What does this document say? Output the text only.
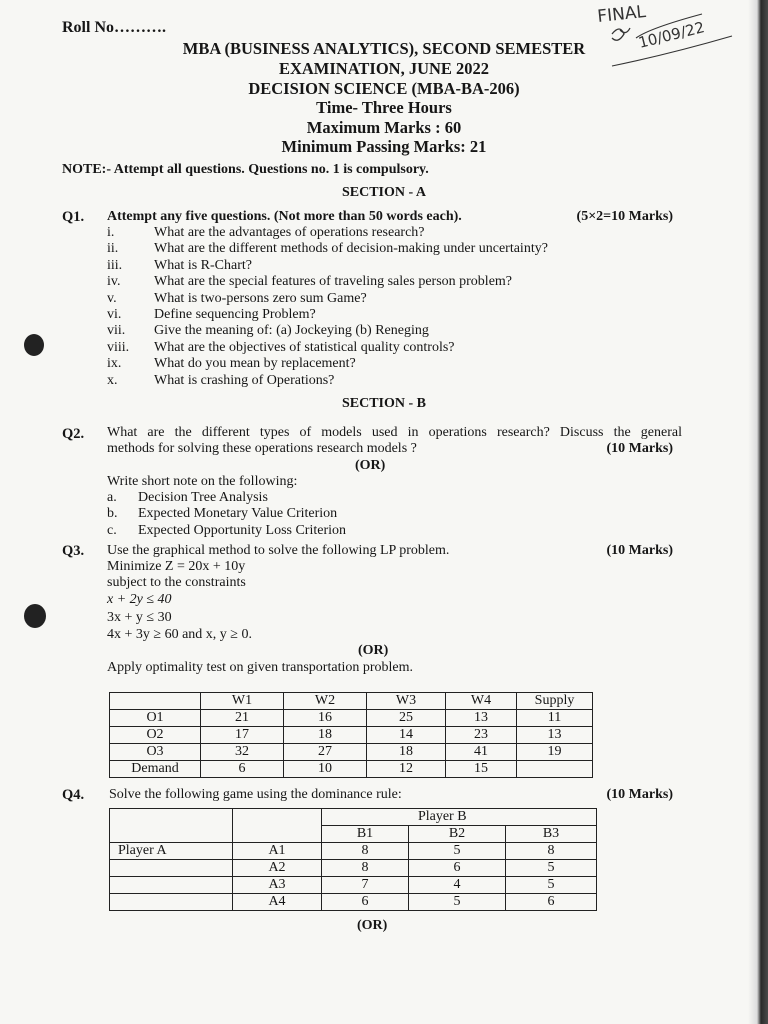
FINAL
10/09/22
Roll No……….
MBA (BUSINESS ANALYTICS), SECOND SEMESTER
EXAMINATION, JUNE 2022
DECISION SCIENCE (MBA-BA-206)
Time- Three Hours
Maximum Marks : 60
Minimum Passing Marks: 21
NOTE:- Attempt all questions. Questions no. 1 is compulsory.
SECTION - A
Q1. Attempt any five questions. (Not more than 50 words each).	(5×2=10 Marks)
i.	What are the advantages of operations research?
ii.	What are the different methods of decision-making under uncertainty?
iii.	What is R-Chart?
iv.	What are the special features of traveling sales person problem?
v.	What is two-persons zero sum Game?
vi.	Define sequencing Problem?
vii.	Give the meaning of: (a) Jockeying (b) Reneging
viii.	What are the objectives of statistical quality controls?
ix.	What do you mean by replacement?
x.	What is crashing of Operations?
SECTION - B
Q2. What are the different types of models used in operations research? Discuss the general
methods for solving these operations research models ?	(10 Marks)
(OR)
Write short note on the following:
a. Decision Tree Analysis
b. Expected Monetary Value Criterion
c. Expected Opportunity Loss Criterion
Q3. Use the graphical method to solve the following LP problem.	(10 Marks)
Minimize Z = 20x + 10y
subject to the constraints
x + 2y ≤ 40
3x + y ≤ 30
4x + 3y ≥ 60 and x, y ≥ 0.
(OR)
Apply optimality test on given transportation problem.
	W1	W2	W3	W4	Supply
O1	21	16	25	13	11
O2	17	18	14	23	13
O3	32	27	18	41	19
Demand	6	10	12	15	
Q4. Solve the following game using the dominance rule:	(10 Marks)
			Player B	
		B1	B2	B3
Player A	A1	8	5	8
	A2	8	6	5
	A3	7	4	5
	A4	6	5	6
(OR)
